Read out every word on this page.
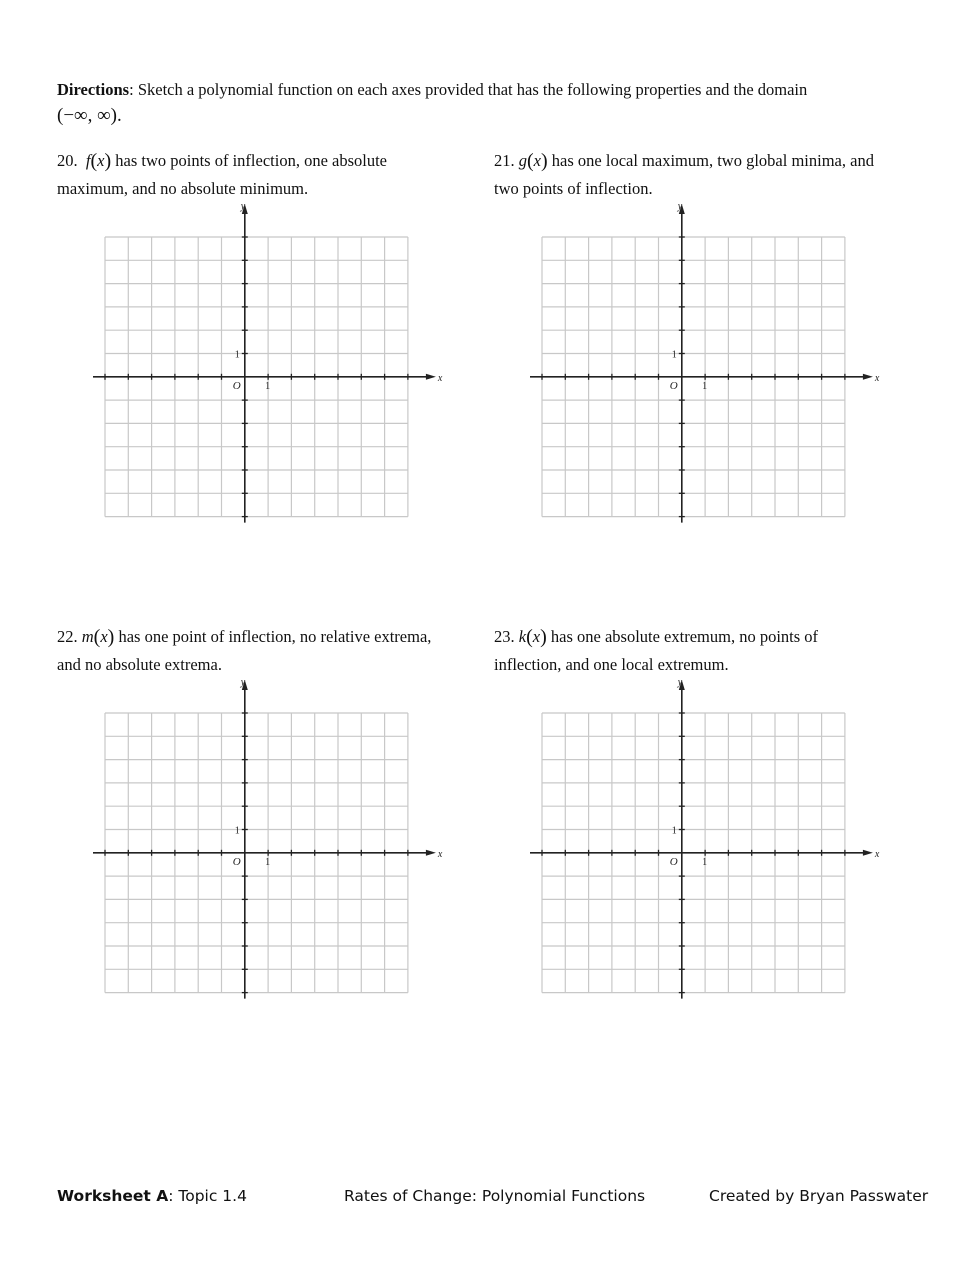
Directions: Sketch a polynomial function on each axes provided that has the following properties and the domain
(−∞, ∞).
20. f(x) has two points of inflection, one absolute
maximum, and no absolute minimum.
21. g(x) has one local maximum, two global minima, and
two points of inflection.
22. m(x) has one point of inflection, no relative extrema,
and no absolute extrema.
23. k(x) has one absolute extremum, no points of
inflection, and one local extremum.
x
y
O 1
1
x
y
O 1
1
x
y
O 1
1
x
y
O 1
1
Worksheet A: Topic 1.4	Rates of Change: Polynomial Functions	Created by Bryan Passwater
